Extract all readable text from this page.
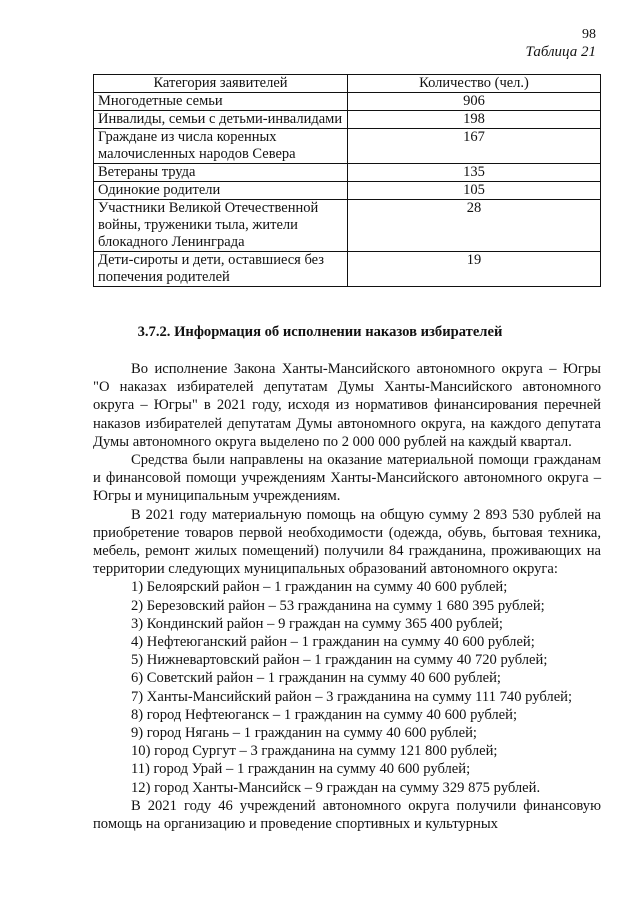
98
Таблица 21
Категория заявителей	Количество (чел.)
Многодетные семьи	906
Инвалиды, семьи с детьми-инвалидами	198
Граждане из числа коренных малочисленных народов Севера	167
Ветераны труда	135
Одинокие родители	105
Участники Великой Отечественной войны, труженики тыла, жители блокадного Ленинграда	28
Дети-сироты и дети, оставшиеся без попечения родителей	19
3.7.2. Информация об исполнении наказов избирателей

Во исполнение Закона Ханты-Мансийского автономного округа – Югры "О наказах избирателей депутатам Думы Ханты-Мансийского автономного округа – Югры" в 2021 году, исходя из нормативов финансирования перечней наказов избирателей депутатам Думы автономного округа, на каждого депутата Думы автономного округа выделено по 2 000 000 рублей на каждый квартал.

Средства были направлены на оказание материальной помощи гражданам и финансовой помощи учреждениям Ханты-Мансийского автономного округа – Югры и муниципальным учреждениям.

В 2021 году материальную помощь на общую сумму 2 893 530 рублей на приобретение товаров первой необходимости (одежда, обувь, бытовая техника, мебель, ремонт жилых помещений) получили 84 гражданина, проживающих на территории следующих муниципальных образований автономного округа:

1) Белоярский район – 1 гражданин на сумму 40 600 рублей;
2) Березовский район – 53 гражданина на сумму 1 680 395 рублей;
3) Кондинский район – 9 граждан на сумму 365 400 рублей;
4) Нефтеюганский район – 1 гражданин на сумму 40 600 рублей;
5) Нижневартовский район – 1 гражданин на сумму 40 720 рублей;
6) Советский район – 1 гражданин на сумму 40 600 рублей;
7) Ханты-Мансийский район – 3 гражданина на сумму 111 740 рублей;
8) город Нефтеюганск – 1 гражданин на сумму 40 600 рублей;
9) город Нягань – 1 гражданин на сумму 40 600 рублей;
10) город Сургут – 3 гражданина на сумму 121 800 рублей;
11) город Урай – 1 гражданин на сумму 40 600 рублей;
12) город Ханты-Мансийск – 9 граждан на сумму 329 875 рублей.

В 2021 году 46 учреждений автономного округа получили финансовую помощь на организацию и проведение спортивных и культурных
